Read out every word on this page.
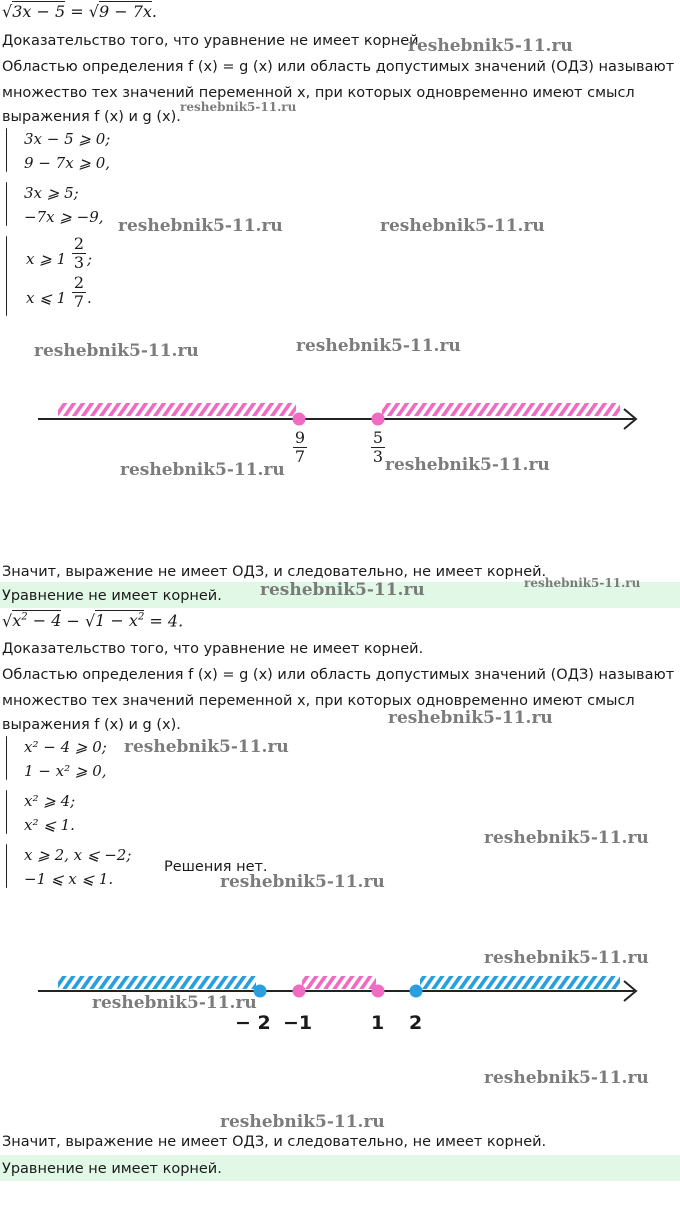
√3x − 5 = √9 − 7x.
Доказательство того, что уравнение не имеет корней
Областью определения f (x) = g (x) или область допустимых значений (ОДЗ) называют
множество тех значений переменной x, при которых одновременно имеют смысл
выражения f (x) и g (x).
3x − 5 ⩾ 0;
9 − 7x ⩾ 0,
3x ⩾ 5;
−7x ⩾ −9,
x ⩾ 1
2
3 ;
x ⩽ 1
2
7 .
9
7
5
3
Значит, выражение не имеет ОДЗ, и следовательно, не имеет корней.
Уравнение не имеет корней.
$√x^2 - 4 - √1 - x^2 = 4$.
Доказательство того, что уравнение не имеет корней.
Областью определения f (x) = g (x) или область допустимых значений (ОДЗ) называют
множество тех значений переменной x, при которых одновременно имеют смысл
выражения f (x) и g (x).
x² − 4 ⩾ 0;
1 − x² ⩾ 0,
x² ⩾ 4;
x² ⩽ 1.
x ⩾ 2, x ⩽ −2;
−1 ⩽ x ⩽ 1.
Решения нет.
− 2 −1	1 2
Значит, выражение не имеет ОДЗ, и следовательно, не имеет корней.
Уравнение не имеет корней.
reshebnik5-11.ru
reshebnik5-11.ru
reshebnik5-11.ru	reshebnik5-11.ru
reshebnik5-11.ru	reshebnik5-11.ru
reshebnik5-11.ru	reshebnik5-11.ru
reshebnik5-11.ru
reshebnik5-11.ru
reshebnik5-11.ru
reshebnik5-11.ru
reshebnik5-11.ru
reshebnik5-11.ru
reshebnik5-11.ru
reshebnik5-11.ru
reshebnik5-11.ru
reshebnik5-11.ru
